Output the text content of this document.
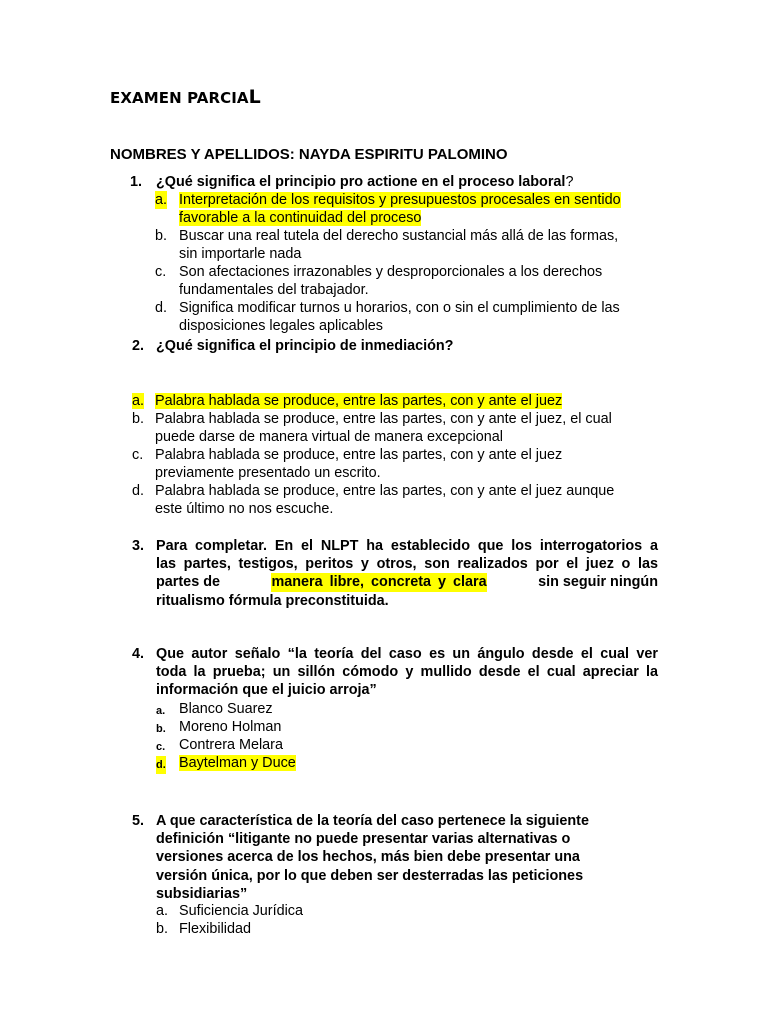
EXAMEN PARCIAL
NOMBRES Y APELLIDOS: NAYDA ESPIRITU PALOMINO
1. ¿Qué significa el principio pro actione en el proceso laboral?
a. Interpretación de los requisitos y presupuestos procesales en sentido
favorable a la continuidad del proceso
b. Buscar una real tutela del derecho sustancial más allá de las formas,
sin importarle nada
c. Son afectaciones irrazonables y desproporcionales a los derechos
fundamentales del trabajador.
d. Significa modificar turnos u horarios, con o sin el cumplimiento de las
disposiciones legales aplicables
2. ¿Qué significa el principio de inmediación?
a. Palabra hablada se produce, entre las partes, con y ante el juez
b. Palabra hablada se produce, entre las partes, con y ante el juez, el cual
puede darse de manera virtual de manera excepcional
c. Palabra hablada se produce, entre las partes, con y ante el juez
previamente presentado un escrito.
d. Palabra hablada se produce, entre las partes, con y ante el juez aunque
este último no nos escuche.
3. Para completar. En el NLPT ha establecido que los interrogatorios a
las partes, testigos, peritos y otros, son realizados por el juez o las
partes de	manera libre, concreta y clara	sin seguir ningún
ritualismo fórmula preconstituida.
4. Que autor señalo “la teoría del caso es un ángulo desde el cual ver
toda la prueba; un sillón cómodo y mullido desde el cual apreciar la
información que el juicio arroja”
a. Blanco Suarez
b. Moreno Holman
c. Contrera Melara
d. Baytelman y Duce
5. A que característica de la teoría del caso pertenece la siguiente
definición “litigante no puede presentar varias alternativas o
versiones acerca de los hechos, más bien debe presentar una
versión única, por lo que deben ser desterradas las peticiones
subsidiarias”
a. Suficiencia Jurídica
b. Flexibilidad
